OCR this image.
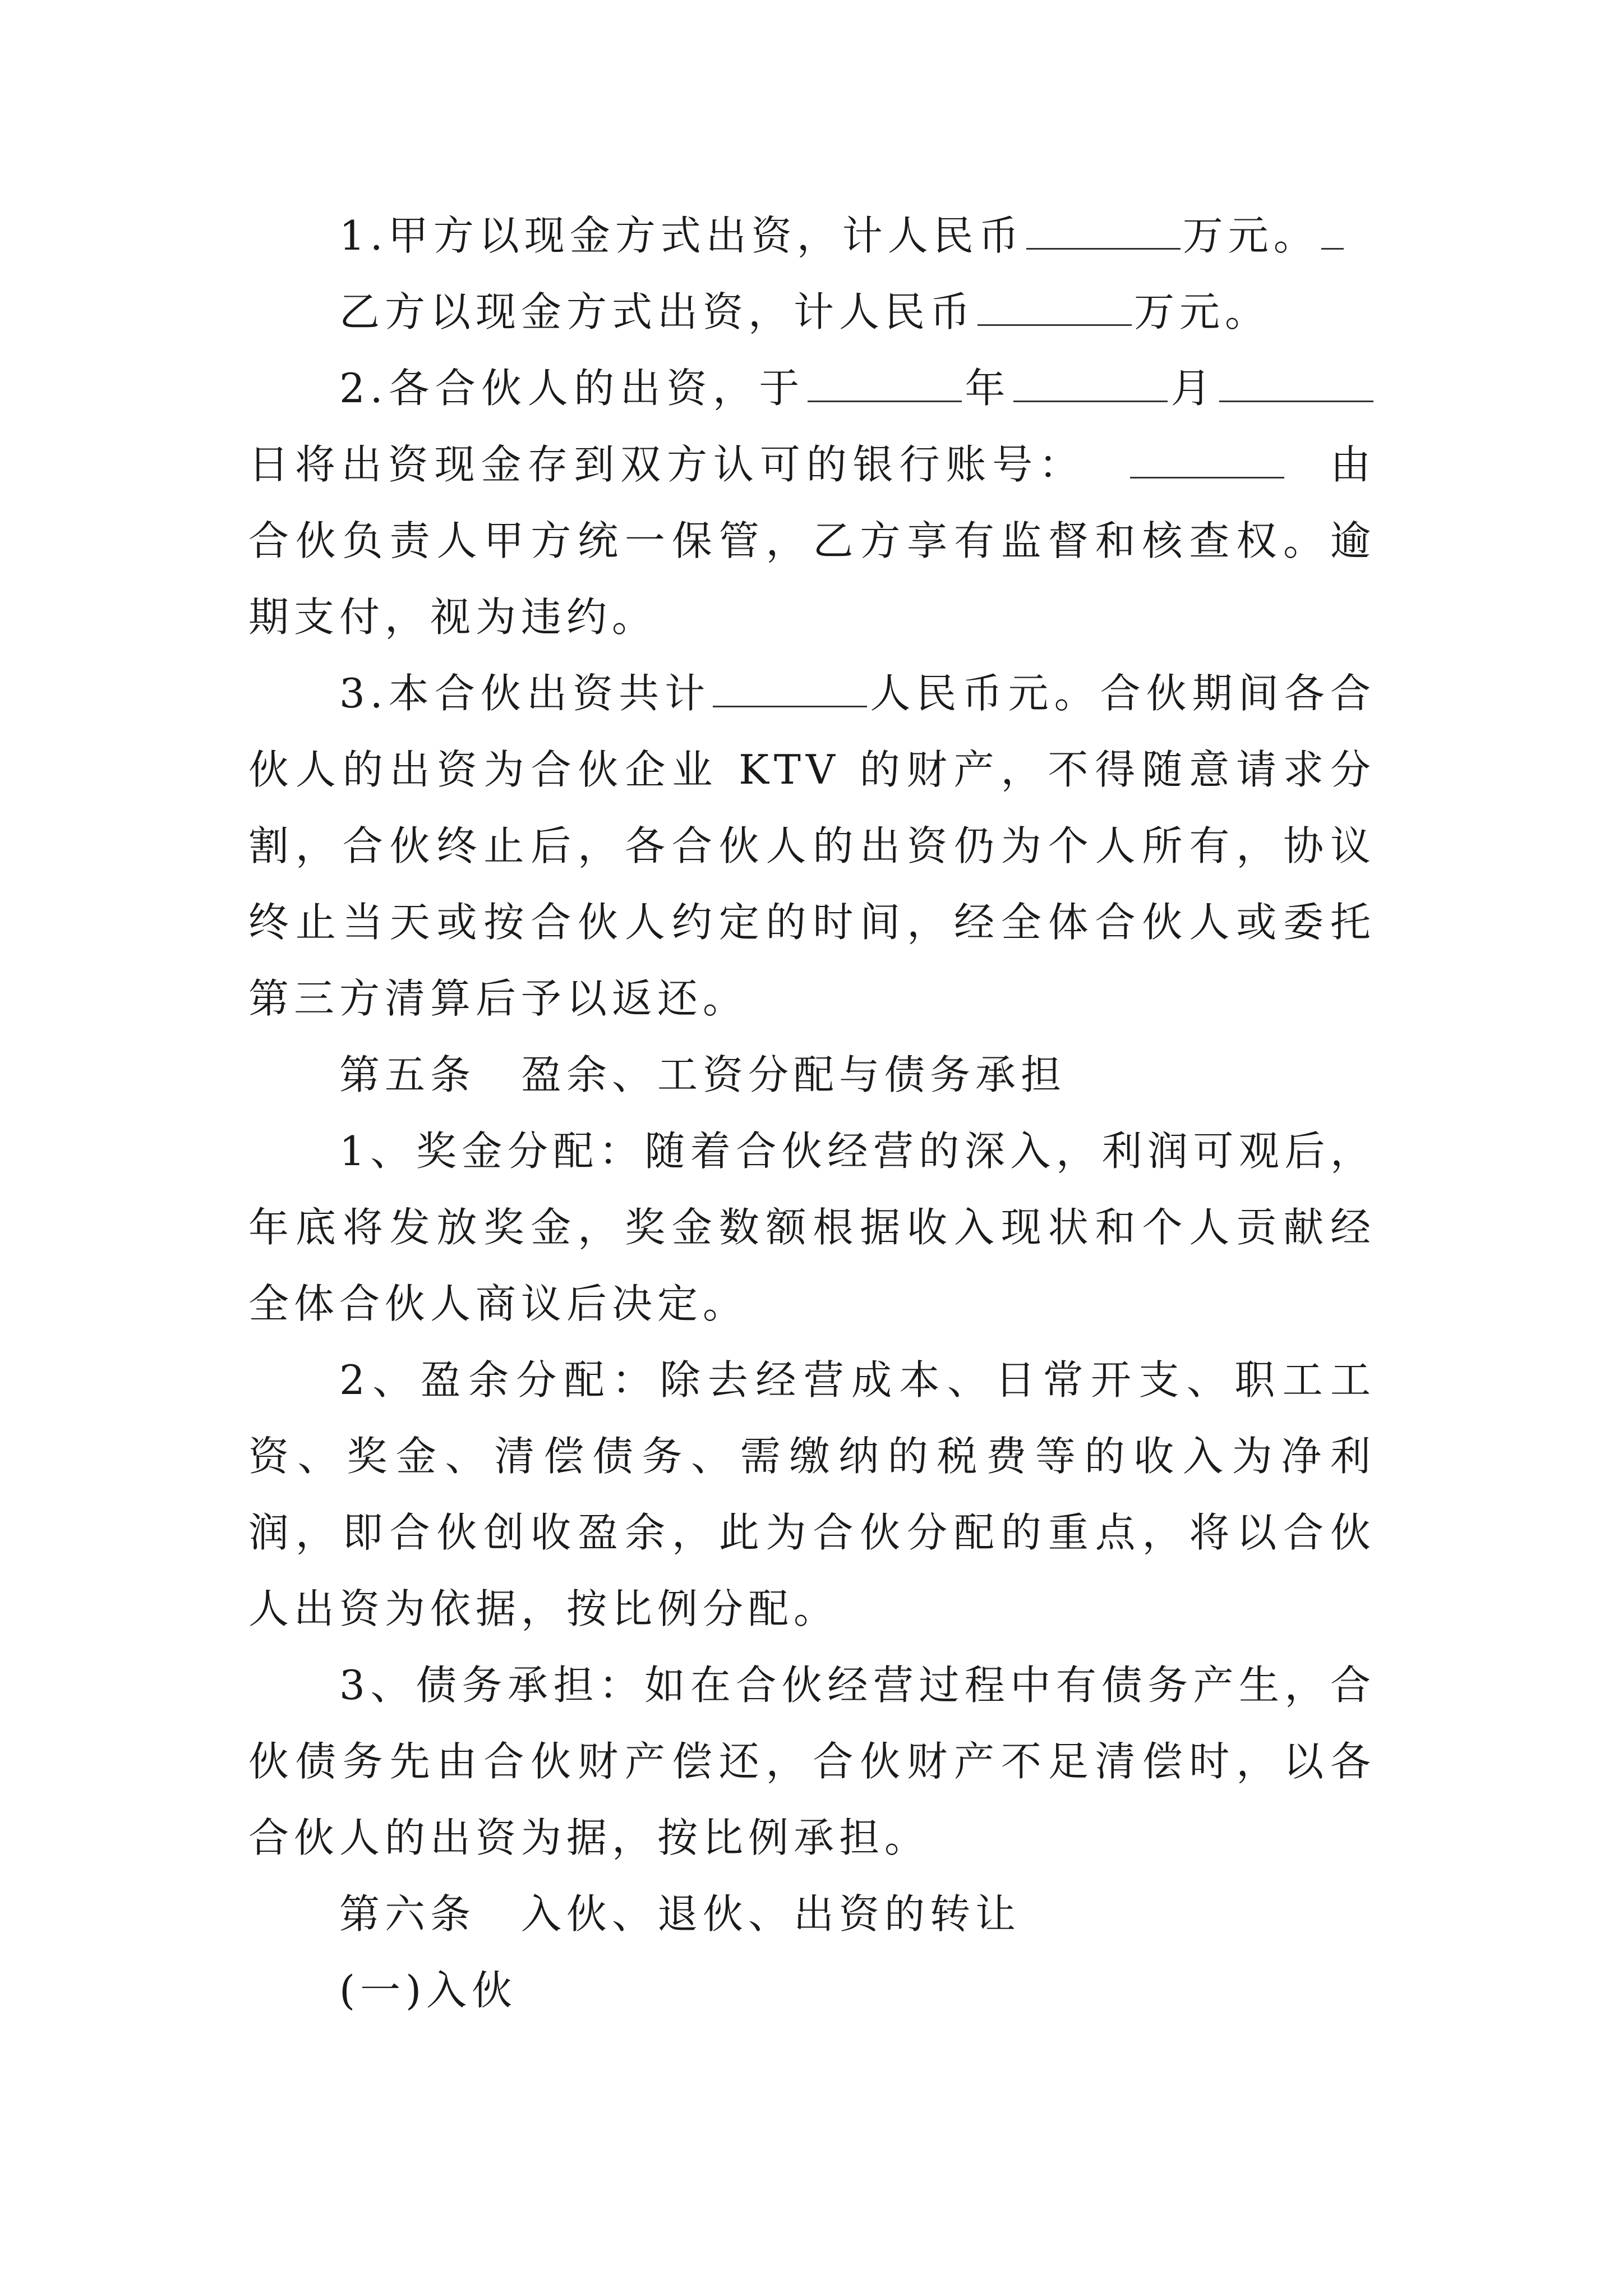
1.甲方以现金方式出资，计人民币	万元。

乙方以现金方式出资，计人民币	万元。

2.各合伙人的出资，于	年	月日将出资现金存到双方认可的银行账号：	由合伙负责人甲方统一保管，乙方享有监督和核查权。逾期支付，视为违约。

3.本合伙出资共计	人民币元。合伙期间各合伙人的出资为合伙企业 KTV 的财产，不得随意请求分割，合伙终止后，各合伙人的出资仍为个人所有，协议终止当天或按合伙人约定的时间，经全体合伙人或委托第三方清算后予以返还。

第五条　盈余、工资分配与债务承担

1、奖金分配：随着合伙经营的深入，利润可观后，年底将发放奖金，奖金数额根据收入现状和个人贡献经全体合伙人商议后决定。

2、盈余分配：除去经营成本、日常开支、职工工资、奖金、清偿债务、需缴纳的税费等的收入为净利润，即合伙创收盈余，此为合伙分配的重点，将以合伙人出资为依据，按比例分配。

3、债务承担：如在合伙经营过程中有债务产生，合伙债务先由合伙财产偿还，合伙财产不足清偿时，以各合伙人的出资为据，按比例承担。

第六条　入伙、退伙、出资的转让

(一)入伙
